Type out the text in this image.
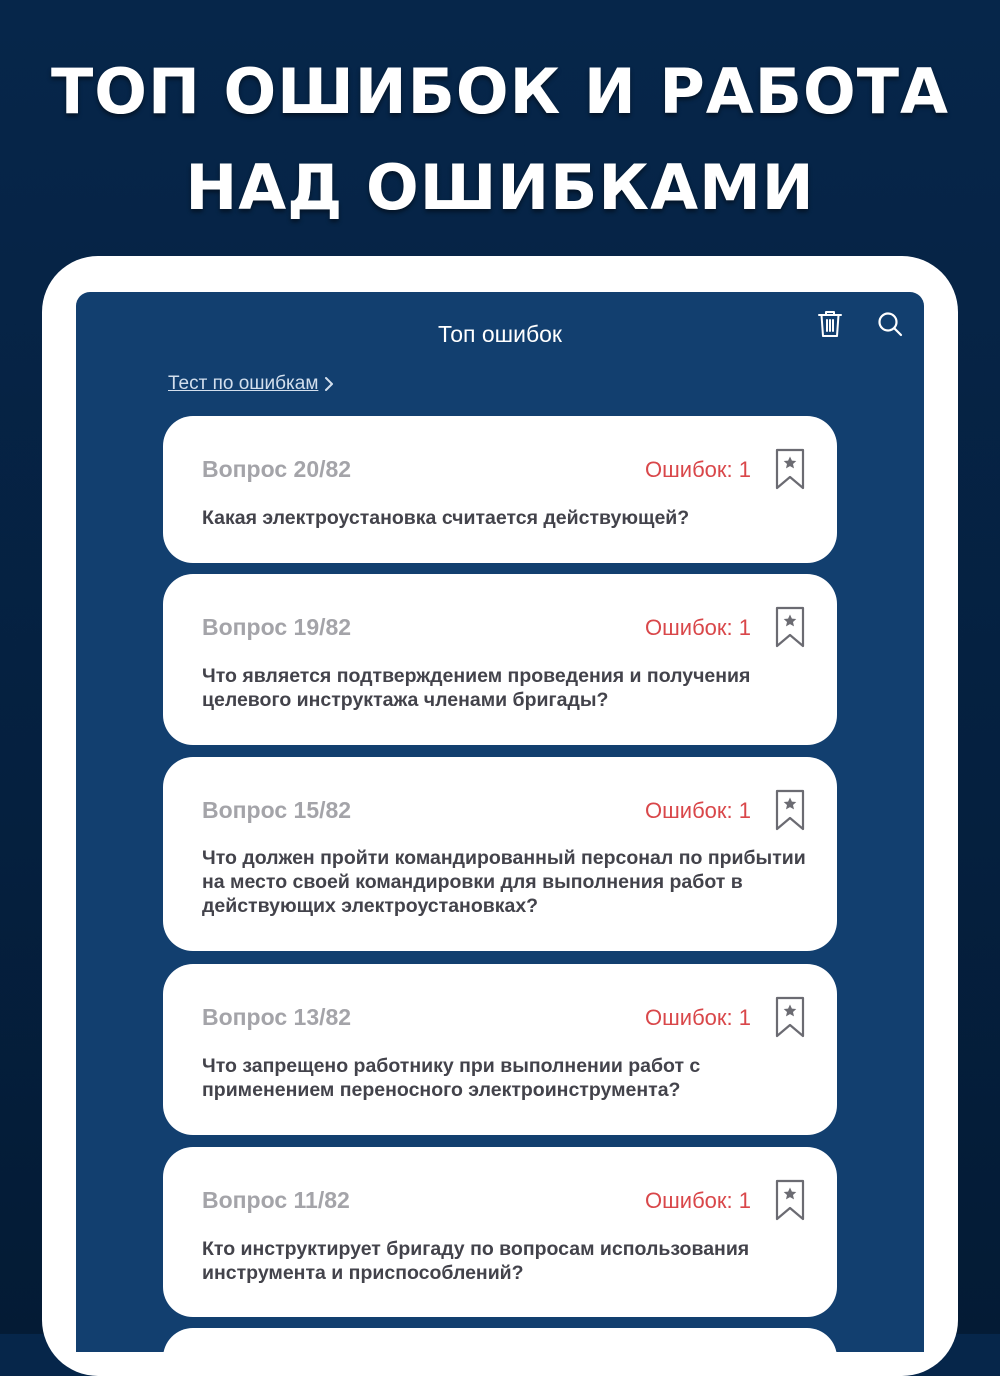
ТОП ОШИБОК И РАБОТА
НАД ОШИБКАМИ
Топ ошибок
Тест по ошибкам
Вопрос 20/82	Ошибок: 1
Какая электроустановка считается действующей?
Вопрос 19/82	Ошибок: 1
Что является подтверждением проведения и получения целевого инструктажа членами бригады?
Вопрос 15/82	Ошибок: 1
Что должен пройти командированный персонал по прибытии на место своей командировки для выполнения работ в действующих электроустановках?
Вопрос 13/82	Ошибок: 1
Что запрещено работнику при выполнении работ с применением переносного электроинструмента?
Вопрос 11/82	Ошибок: 1
Кто инструктирует бригаду по вопросам использования инструмента и приспособлений?
